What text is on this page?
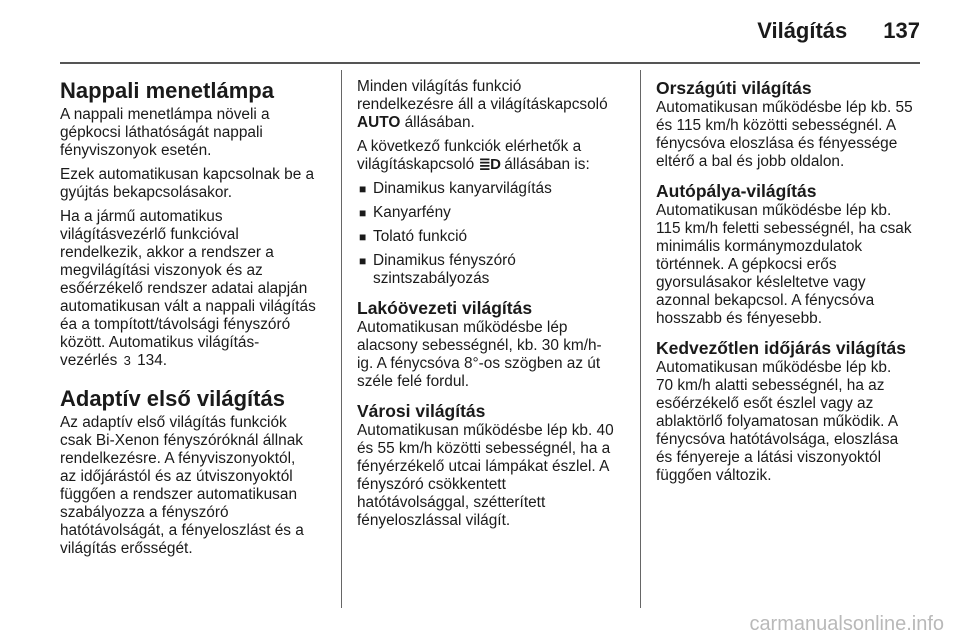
Világítás 137
Nappali menetlámpa

A nappali menetlámpa növeli a
gépkocsi láthatóságát nappali
fényviszonyok esetén.

Ezek automatikusan kapcsolnak be a
gyújtás bekapcsolásakor.

Ha a jármű automatikus
világításvezérlő funkcióval
rendelkezik, akkor a rendszer a
megvilágítási viszonyok és az
esőérzékelő rendszer adatai alapján
automatikusan vált a nappali világítás
éa a tompított/távolsági fényszóró
között. Automatikus világítás-
vezérlés 3 134.

Adaptív első világítás

Az adaptív első világítás funkciók
csak Bi-Xenon fényszóróknál állnak
rendelkezésre. A fényviszonyoktól,
az időjárástól és az útviszonyoktól
függően a rendszer automatikusan
szabályozza a fényszóró
hatótávolságát, a fényeloszlást és a
világítás erősségét.

Minden világítás funkció
rendelkezésre áll a világításkapcsoló
AUTO állásában.

A következő funkciók elérhetők a
világításkapcsoló ≣D állásában is:

■ Dinamikus kanyarvilágítás
■ Kanyarfény
■ Tolató funkció
■ Dinamikus fényszóró
szintszabályozás
Lakóövezeti világítás

Automatikusan működésbe lép
alacsony sebességnél, kb. 30 km/h-
ig. A fénycsóva 8°-os szögben az út
széle felé fordul.

Városi világítás

Automatikusan működésbe lép kb. 40
és 55 km/h közötti sebességnél, ha a
fényérzékelő utcai lámpákat észlel. A
fényszóró csökkentett
hatótávolsággal, szétterített
fényeloszlással világít.

Országúti világítás

Automatikusan működésbe lép kb. 55
és 115 km/h közötti sebességnél. A
fénycsóva eloszlása és fényessége
eltérő a bal és jobb oldalon.

Autópálya-világítás

Automatikusan működésbe lép kb.
115 km/h feletti sebességnél, ha csak
minimális kormánymozdulatok
történnek. A gépkocsi erős
gyorsulásakor késleltetve vagy
azonnal bekapcsol. A fénycsóva
hosszabb és fényesebb.

Kedvezőtlen időjárás világítás

Automatikusan működésbe lép kb.
70 km/h alatti sebességnél, ha az
esőérzékelő esőt észlel vagy az
ablaktörlő folyamatosan működik. A
fénycsóva hatótávolsága, eloszlása
és fényereje a látási viszonyoktól
függően változik.

carmanualsonline.info
